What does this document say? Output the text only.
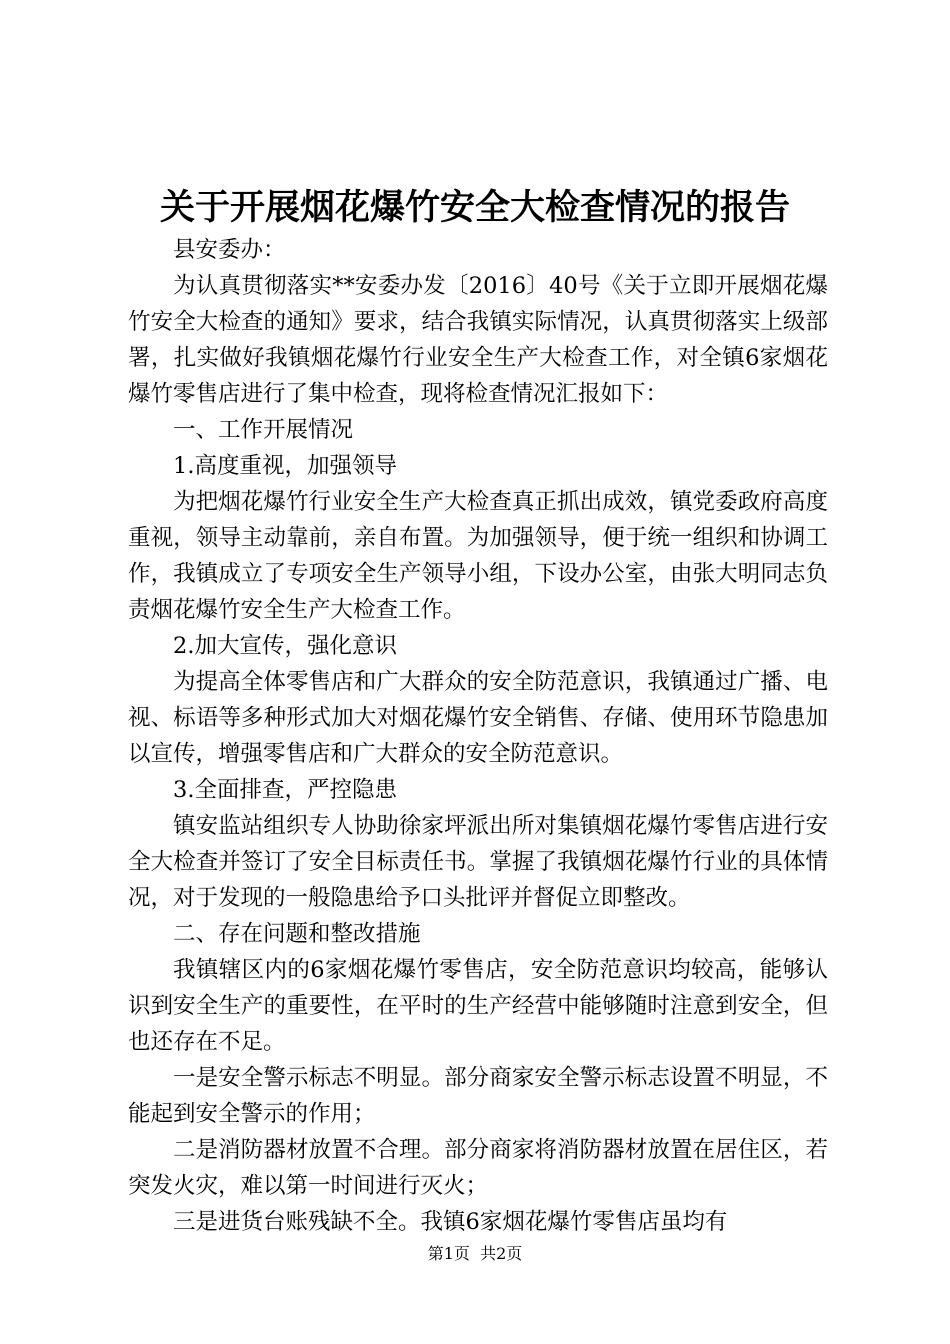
关于开展烟花爆竹安全大检查情况的报告

县安委办：

为认真贯彻落实**安委办发〔2016〕40号《关于立即开展烟花爆竹安全大检查的通知》要求，结合我镇实际情况，认真贯彻落实上级部署，扎实做好我镇烟花爆竹行业安全生产大检查工作，对全镇6家烟花爆竹零售店进行了集中检查，现将检查情况汇报如下：

一、工作开展情况

1.高度重视，加强领导

为把烟花爆竹行业安全生产大检查真正抓出成效，镇党委政府高度重视，领导主动靠前，亲自布置。为加强领导，便于统一组织和协调工作，我镇成立了专项安全生产领导小组，下设办公室，由张大明同志负责烟花爆竹安全生产大检查工作。

2.加大宣传，强化意识

为提高全体零售店和广大群众的安全防范意识，我镇通过广播、电视、标语等多种形式加大对烟花爆竹安全销售、存储、使用环节隐患加以宣传，增强零售店和广大群众的安全防范意识。

3.全面排查，严控隐患

镇安监站组织专人协助徐家坪派出所对集镇烟花爆竹零售店进行安全大检查并签订了安全目标责任书。掌握了我镇烟花爆竹行业的具体情况，对于发现的一般隐患给予口头批评并督促立即整改。

二、存在问题和整改措施

我镇辖区内的6家烟花爆竹零售店，安全防范意识均较高，能够认识到安全生产的重要性，在平时的生产经营中能够随时注意到安全，但也还存在不足。

一是安全警示标志不明显。部分商家安全警示标志设置不明显，不能起到安全警示的作用；

二是消防器材放置不合理。部分商家将消防器材放置在居住区，若突发火灾，难以第一时间进行灭火；

三是进货台账残缺不全。我镇6家烟花爆竹零售店虽均有

第1页  共2页
